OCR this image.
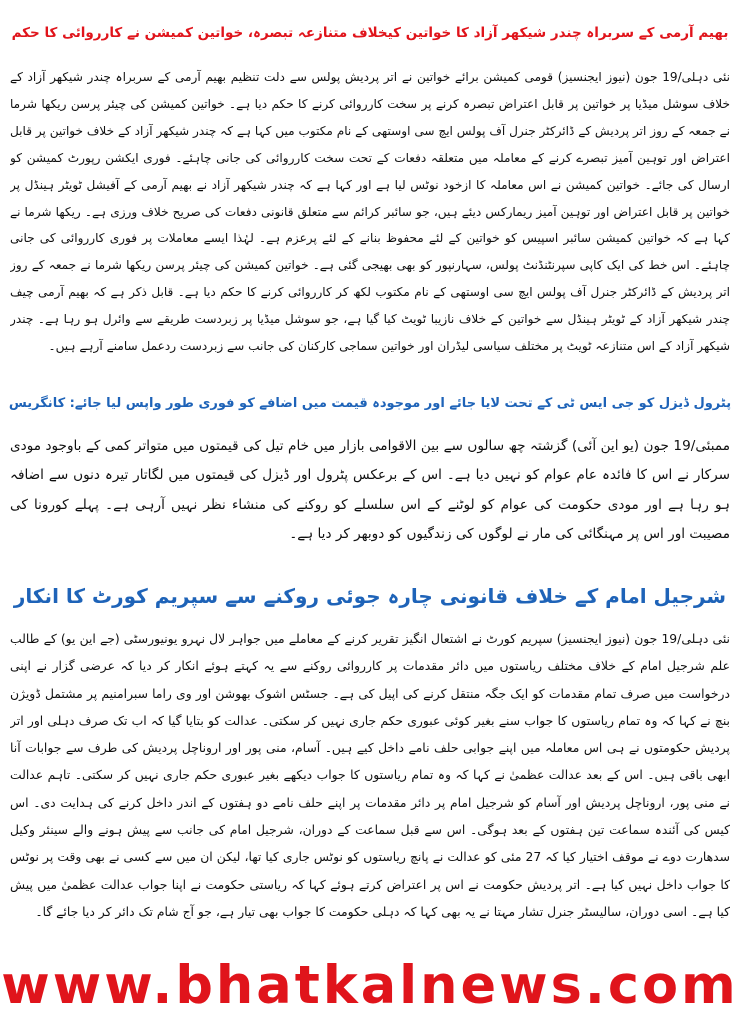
بھیم آرمی کے سربراہ چندر شیکھر آزاد کا خواتین کیخلاف متنازعہ تبصرہ، خواتین کمیشن نے کارروائی کا حکم

نئی دہلی/19 جون (نیوز ایجنسیز) قومی کمیشن برائے خواتین نے اتر پردیش پولس سے دلت تنظیم بھیم آرمی کے سربراہ چندر شیکھر آزاد کے خلاف سوشل میڈیا پر خواتین پر قابل اعتراض تبصرہ کرنے پر سخت کارروائی کرنے کا حکم دیا ہے۔ خواتین کمیشن کی چیئر پرسن ریکھا شرما نے جمعہ کے روز اتر پردیش کے ڈائرکٹر جنرل آف پولس ایچ سی اوستھی کے نام مکتوب میں کہا ہے کہ چندر شیکھر آزاد کے خلاف خواتین پر قابل اعتراض اور توہین آمیز تبصرے کرنے کے معاملہ میں متعلقہ دفعات کے تحت سخت کارروائی کی جانی چاہئے۔ فوری ایکشن رپورٹ کمیشن کو ارسال کی جائے۔ خواتین کمیشن نے اس معاملہ کا ازخود نوٹس لیا ہے اور کہا ہے کہ چندر شیکھر آزاد نے بھیم آرمی کے آفیشل ٹویٹر ہینڈل پر خواتین پر قابل اعتراض اور توہین آمیز ریمارکس دیئے ہیں، جو سائبر کرائم سے متعلق قانونی دفعات کی صریح خلاف ورزی ہے۔ ریکھا شرما نے کہا ہے کہ خواتین کمیشن سائبر اسپیس کو خواتین کے لئے محفوظ بنانے کے لئے پرعزم ہے۔ لہٰذا ایسے معاملات پر فوری کارروائی کی جانی چاہئے۔ اس خط کی ایک کاپی سپرنٹنڈنٹ پولس، سہارنپور کو بھی بھیجی گئی ہے۔ خواتین کمیشن کی چیئر پرسن ریکھا شرما نے جمعہ کے روز اتر پردیش کے ڈائرکٹر جنرل آف پولس ایچ سی اوستھی کے نام مکتوب لکھ کر کارروائی کرنے کا حکم دیا ہے۔ قابل ذکر ہے کہ بھیم آرمی چیف چندر شیکھر آزاد کے ٹویٹر ہینڈل سے خواتین کے خلاف نازیبا ٹویٹ کیا گیا ہے، جو سوشل میڈیا پر زبردست طریقے سے وائرل ہو رہا ہے۔ چندر شیکھر آزاد کے اس متنازعہ ٹویٹ پر مختلف سیاسی لیڈران اور خواتین سماجی کارکنان کی جانب سے زبردست ردعمل سامنے آرہے ہیں۔

پٹرول ڈیزل کو جی ایس ٹی کے تحت لایا جائے اور موجودہ قیمت میں اضافے کو فوری طور واپس لیا جائے: کانگریس

ممبئی/19 جون (یو این آئی) گزشتہ چھ سالوں سے بین الاقوامی بازار میں خام تیل کی قیمتوں میں متواتر کمی کے باوجود مودی سرکار نے اس کا فائدہ عام عوام کو نہیں دیا ہے۔ اس کے برعکس پٹرول اور ڈیزل کی قیمتوں میں لگاتار تیرہ دنوں سے اضافہ ہو رہا ہے اور مودی حکومت کی عوام کو لوٹنے کے اس سلسلے کو روکنے کی منشاء نظر نہیں آرہی ہے۔ پہلے کورونا کی مصیبت اور اس پر مہنگائی کی مار نے لوگوں کی زندگیوں کو دوبھر کر دیا ہے۔

شرجیل امام کے خلاف قانونی چارہ جوئی روکنے سے سپریم کورٹ کا انکار

نئی دہلی/19 جون (نیوز ایجنسیز) سپریم کورٹ نے اشتعال انگیز تقریر کرنے کے معاملے میں جواہر لال نہرو یونیورسٹی (جے این یو) کے طالب علم شرجیل امام کے خلاف مختلف ریاستوں میں دائر مقدمات پر کارروائی روکنے سے یہ کہتے ہوئے انکار کر دیا کہ عرضی گزار نے اپنی درخواست میں صرف تمام مقدمات کو ایک جگہ منتقل کرنے کی اپیل کی ہے۔ جسٹس اشوک بھوشن اور وی راما سبرامنیم پر مشتمل ڈویژن بنچ نے کہا کہ وہ تمام ریاستوں کا جواب سنے بغیر کوئی عبوری حکم جاری نہیں کر سکتی۔ عدالت کو بتایا گیا کہ اب تک صرف دہلی اور اتر پردیش حکومتوں نے ہی اس معاملہ میں اپنے جوابی حلف نامے داخل کیے ہیں۔ آسام، منی پور اور اروناچل پردیش کی طرف سے جوابات آنا ابھی باقی ہیں۔ اس کے بعد عدالت عظمیٰ نے کہا کہ وہ تمام ریاستوں کا جواب دیکھے بغیر عبوری حکم جاری نہیں کر سکتی۔ تاہم عدالت نے منی پور، اروناچل پردیش اور آسام کو شرجیل امام پر دائر مقدمات پر اپنے حلف نامے دو ہفتوں کے اندر داخل کرنے کی ہدایت دی۔ اس کیس کی آئندہ سماعت تین ہفتوں کے بعد ہوگی۔ اس سے قبل سماعت کے دوران، شرجیل امام کی جانب سے پیش ہونے والے سینئر وکیل سدھارت دوے نے موقف اختیار کیا کہ 27 مئی کو عدالت نے پانچ ریاستوں کو نوٹس جاری کیا تھا، لیکن ان میں سے کسی نے بھی وقت پر نوٹس کا جواب داخل نہیں کیا ہے۔ اتر پردیش حکومت نے اس پر اعتراض کرتے ہوئے کہا کہ ریاستی حکومت نے اپنا جواب عدالت عظمیٰ میں پیش کیا ہے۔ اسی دوران، سالیسٹر جنرل تشار مہتا نے یہ بھی کہا کہ دہلی حکومت کا جواب بھی تیار ہے، جو آج شام تک دائر کر دیا جائے گا۔

www.bhatkalnews.com
